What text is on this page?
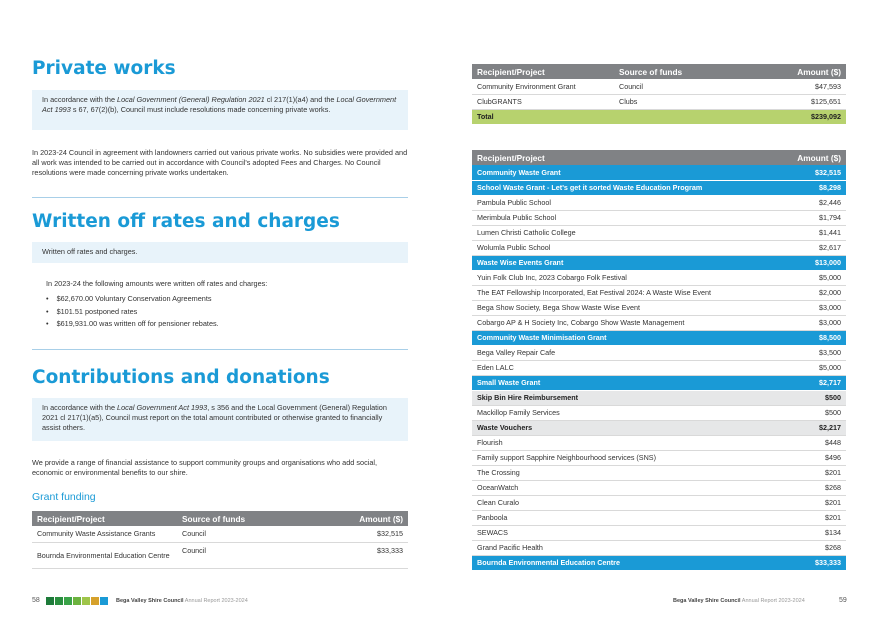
Private works
In accordance with the Local Government (General) Regulation 2021 cl 217(1)(a4) and the Local Government Act 1993 s 67, 67(2)(b), Council must include resolutions made concerning private works.
In 2023-24 Council in agreement with landowners carried out various private works. No subsidies were provided and all work was intended to be carried out in accordance with Council's adopted Fees and Charges. No Council resolutions were made concerning private works undertaken.
Written off rates and charges
Written off rates and charges.
In 2023-24 the following amounts were written off rates and charges:
• $62,670.00 Voluntary Conservation Agreements
• $101.51 postponed rates
• $619,931.00 was written off for pensioner rebates.
Contributions and donations
In accordance with the Local Government Act 1993, s 356 and the Local Government (General) Regulation 2021 cl 217(1)(a5), Council must report on the total amount contributed or otherwise granted to financially assist others.
We provide a range of financial assistance to support community groups and organisations who add social, economic or environmental benefits to our shire.
Grant funding
Recipient/Project	Source of funds	Amount ($)
Community Waste Assistance Grants	Council	$32,515
Bournda Environmental Education Centre	Council	$33,333
58	Bega Valley Shire Council Annual Report 2023-2024
Recipient/Project	Source of funds	Amount ($)
Community Environment Grant	Council	$47,593
ClubGRANTS	Clubs	$125,651
Total		$239,092
Recipient/Project	Amount ($)
Community Waste Grant	$32,515
School Waste Grant - Let's get it sorted Waste Education Program	$8,298
Pambula Public School	$2,446
Merimbula Public School	$1,794
Lumen Christi Catholic College	$1,441
Wolumla Public School	$2,617
Waste Wise Events Grant	$13,000
Yuin Folk Club Inc, 2023 Cobargo Folk Festival	$5,000
The EAT Fellowship Incorporated, Eat Festival 2024: A Waste Wise Event	$2,000
Bega Show Society, Bega Show Waste Wise Event	$3,000
Cobargo AP & H Society Inc, Cobargo Show Waste Management	$3,000
Community Waste Minimisation Grant	$8,500
Bega Valley Repair Cafe	$3,500
Eden LALC	$5,000
Small Waste Grant	$2,717
Skip Bin Hire Reimbursement	$500
Mackillop Family Services	$500
Waste Vouchers	$2,217
Flourish	$448
Family support Sapphire Neighbourhood services (SNS)	$496
The Crossing	$201
OceanWatch	$268
Clean Curalo	$201
Panboola	$201
SEWACS	$134
Grand Pacific Health	$268
Bournda Environmental Education Centre	$33,333
Bega Valley Shire Council Annual Report 2023-2024	59
